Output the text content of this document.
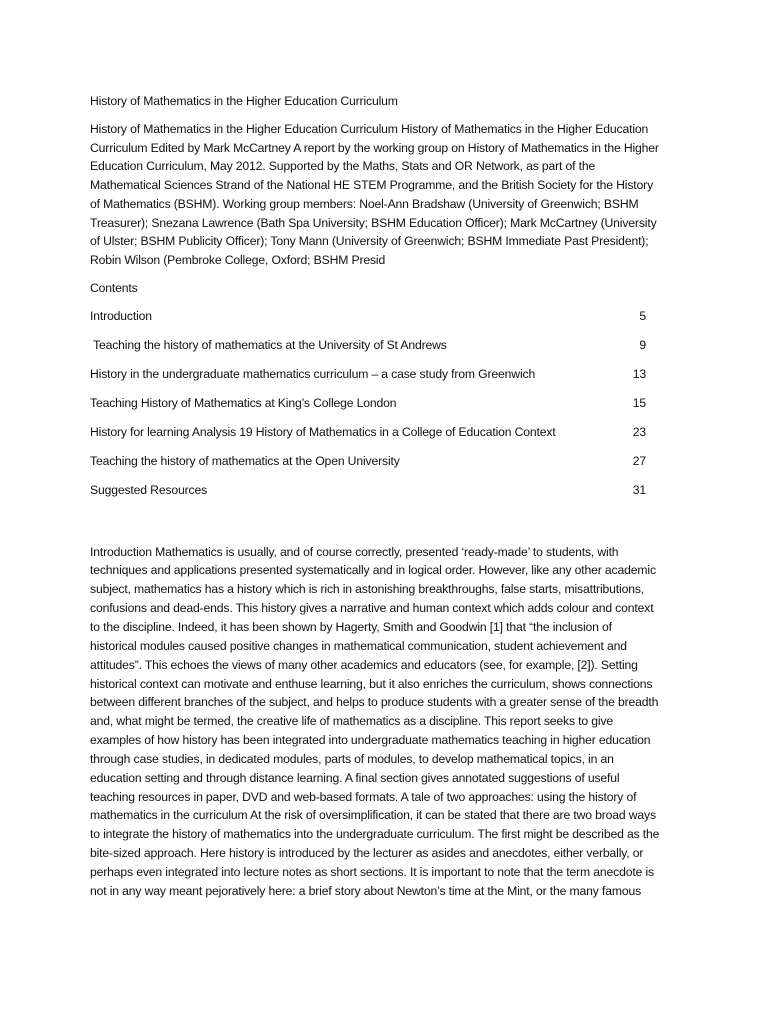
History of Mathematics in the Higher Education Curriculum

History of Mathematics in the Higher Education Curriculum History of Mathematics in the Higher Education Curriculum Edited by Mark McCartney A report by the working group on History of Mathematics in the Higher Education Curriculum, May 2012. Supported by the Maths, Stats and OR Network, as part of the Mathematical Sciences Strand of the National HE STEM Programme, and the British Society for the History of Mathematics (BSHM). Working group members: Noel-Ann Bradshaw (University of Greenwich; BSHM Treasurer); Snezana Lawrence (Bath Spa University; BSHM Education Officer); Mark McCartney (University of Ulster; BSHM Publicity Officer); Tony Mann (University of Greenwich; BSHM Immediate Past President); Robin Wilson (Pembroke College, Oxford; BSHM Presid

Contents
Introduction	5
Teaching the history of mathematics at the University of St Andrews	9
History in the undergraduate mathematics curriculum – a case study from Greenwich	13
Teaching History of Mathematics at King’s College London	15
History for learning Analysis 19 History of Mathematics in a College of Education Context	23
Teaching the history of mathematics at the Open University	27
Suggested Resources	31

Introduction Mathematics is usually, and of course correctly, presented ‘ready-made’ to students, with techniques and applications presented systematically and in logical order. However, like any other academic subject, mathematics has a history which is rich in astonishing breakthroughs, false starts, misattributions, confusions and dead-ends. This history gives a narrative and human context which adds colour and context to the discipline. Indeed, it has been shown by Hagerty, Smith and Goodwin [1] that “the inclusion of historical modules caused positive changes in mathematical communication, student achievement and attitudes”. This echoes the views of many other academics and educators (see, for example, [2]). Setting historical context can motivate and enthuse learning, but it also enriches the curriculum, shows connections between different branches of the subject, and helps to produce students with a greater sense of the breadth and, what might be termed, the creative life of mathematics as a discipline. This report seeks to give examples of how history has been integrated into undergraduate mathematics teaching in higher education through case studies, in dedicated modules, parts of modules, to develop mathematical topics, in an education setting and through distance learning. A final section gives annotated suggestions of useful teaching resources in paper, DVD and web-based formats. A tale of two approaches: using the history of mathematics in the curriculum At the risk of oversimplification, it can be stated that there are two broad ways to integrate the history of mathematics into the undergraduate curriculum. The first might be described as the bite-sized approach. Here history is introduced by the lecturer as asides and anecdotes, either verbally, or perhaps even integrated into lecture notes as short sections. It is important to note that the term anecdote is not in any way meant pejoratively here: a brief story about Newton’s time at the Mint, or the many famous
